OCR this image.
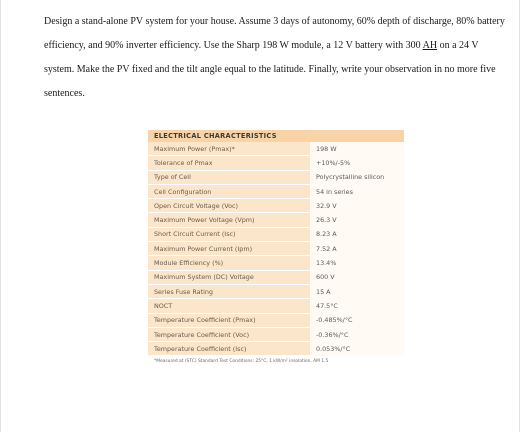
Design a stand-alone PV system for your house. Assume 3 days of autonomy, 60% depth of discharge, 80% battery efficiency, and 90% inverter efficiency. Use the Sharp 198 W module, a 12 V battery with 300 AH on a 24 V system. Make the PV fixed and the tilt angle equal to the latitude. Finally, write your observation in no more five sentences.

ELECTRICAL CHARACTERISTICS	
Maximum Power (Pmax)*	198 W
Tolerance of Pmax	+10%/-5%
Type of Cell	Polycrystalline silicon
Cell Configuration	54 in series
Open Circuit Voltage (Voc)	32.9 V
Maximum Power Voltage (Vpm)	26.3 V
Short Circuit Current (Isc)	8.23 A
Maximum Power Current (Ipm)	7.52 A
Module Efficiency (%)	13.4%
Maximum System (DC) Voltage	600 V
Series Fuse Rating	15 A
NOCT	47.5°C
Temperature Coefficient (Pmax)	-0.485%/°C
Temperature Coefficient (Voc)	-0.36%/°C
Temperature Coefficient (Isc)	0.053%/°C
*Measured at (STC) Standard Test Conditions: 25°C, 1 kW/m² insolation, AM 1.5
